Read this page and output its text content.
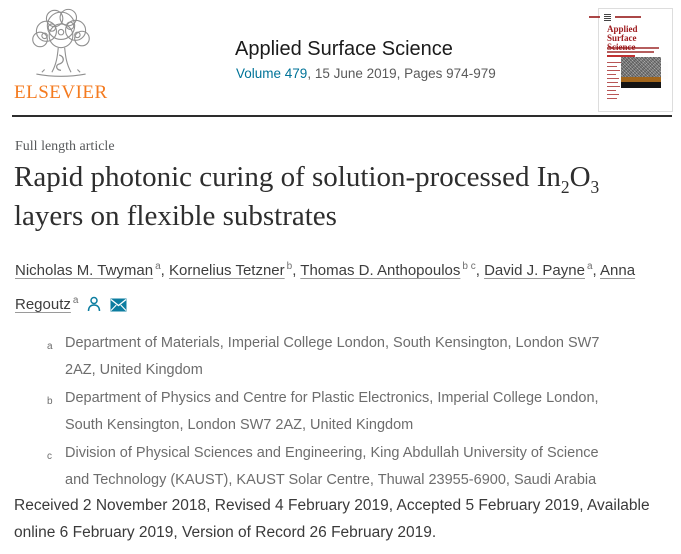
ELSEVIER
Applied Surface Science
Volume 479, 15 June 2019, Pages 974-979
Full length article
Rapid photonic curing of solution-processed $In_2O_3$ layers on flexible substrates

Nicholas M. Twyman $^a$, Kornelius Tetzner $^b$, Thomas D. Anthopoulos $^{b c}$, David J. Payne $^a$, Anna Regoutz $^a$

a Department of Materials, Imperial College London, South Kensington, London SW7 2AZ, United Kingdom
b Department of Physics and Centre for Plastic Electronics, Imperial College London, South Kensington, London SW7 2AZ, United Kingdom
c Division of Physical Sciences and Engineering, King Abdullah University of Science and Technology (KAUST), KAUST Solar Centre, Thuwal 23955-6900, Saudi Arabia

Received 2 November 2018, Revised 4 February 2019, Accepted 5 February 2019, Available online 6 February 2019, Version of Record 26 February 2019.
